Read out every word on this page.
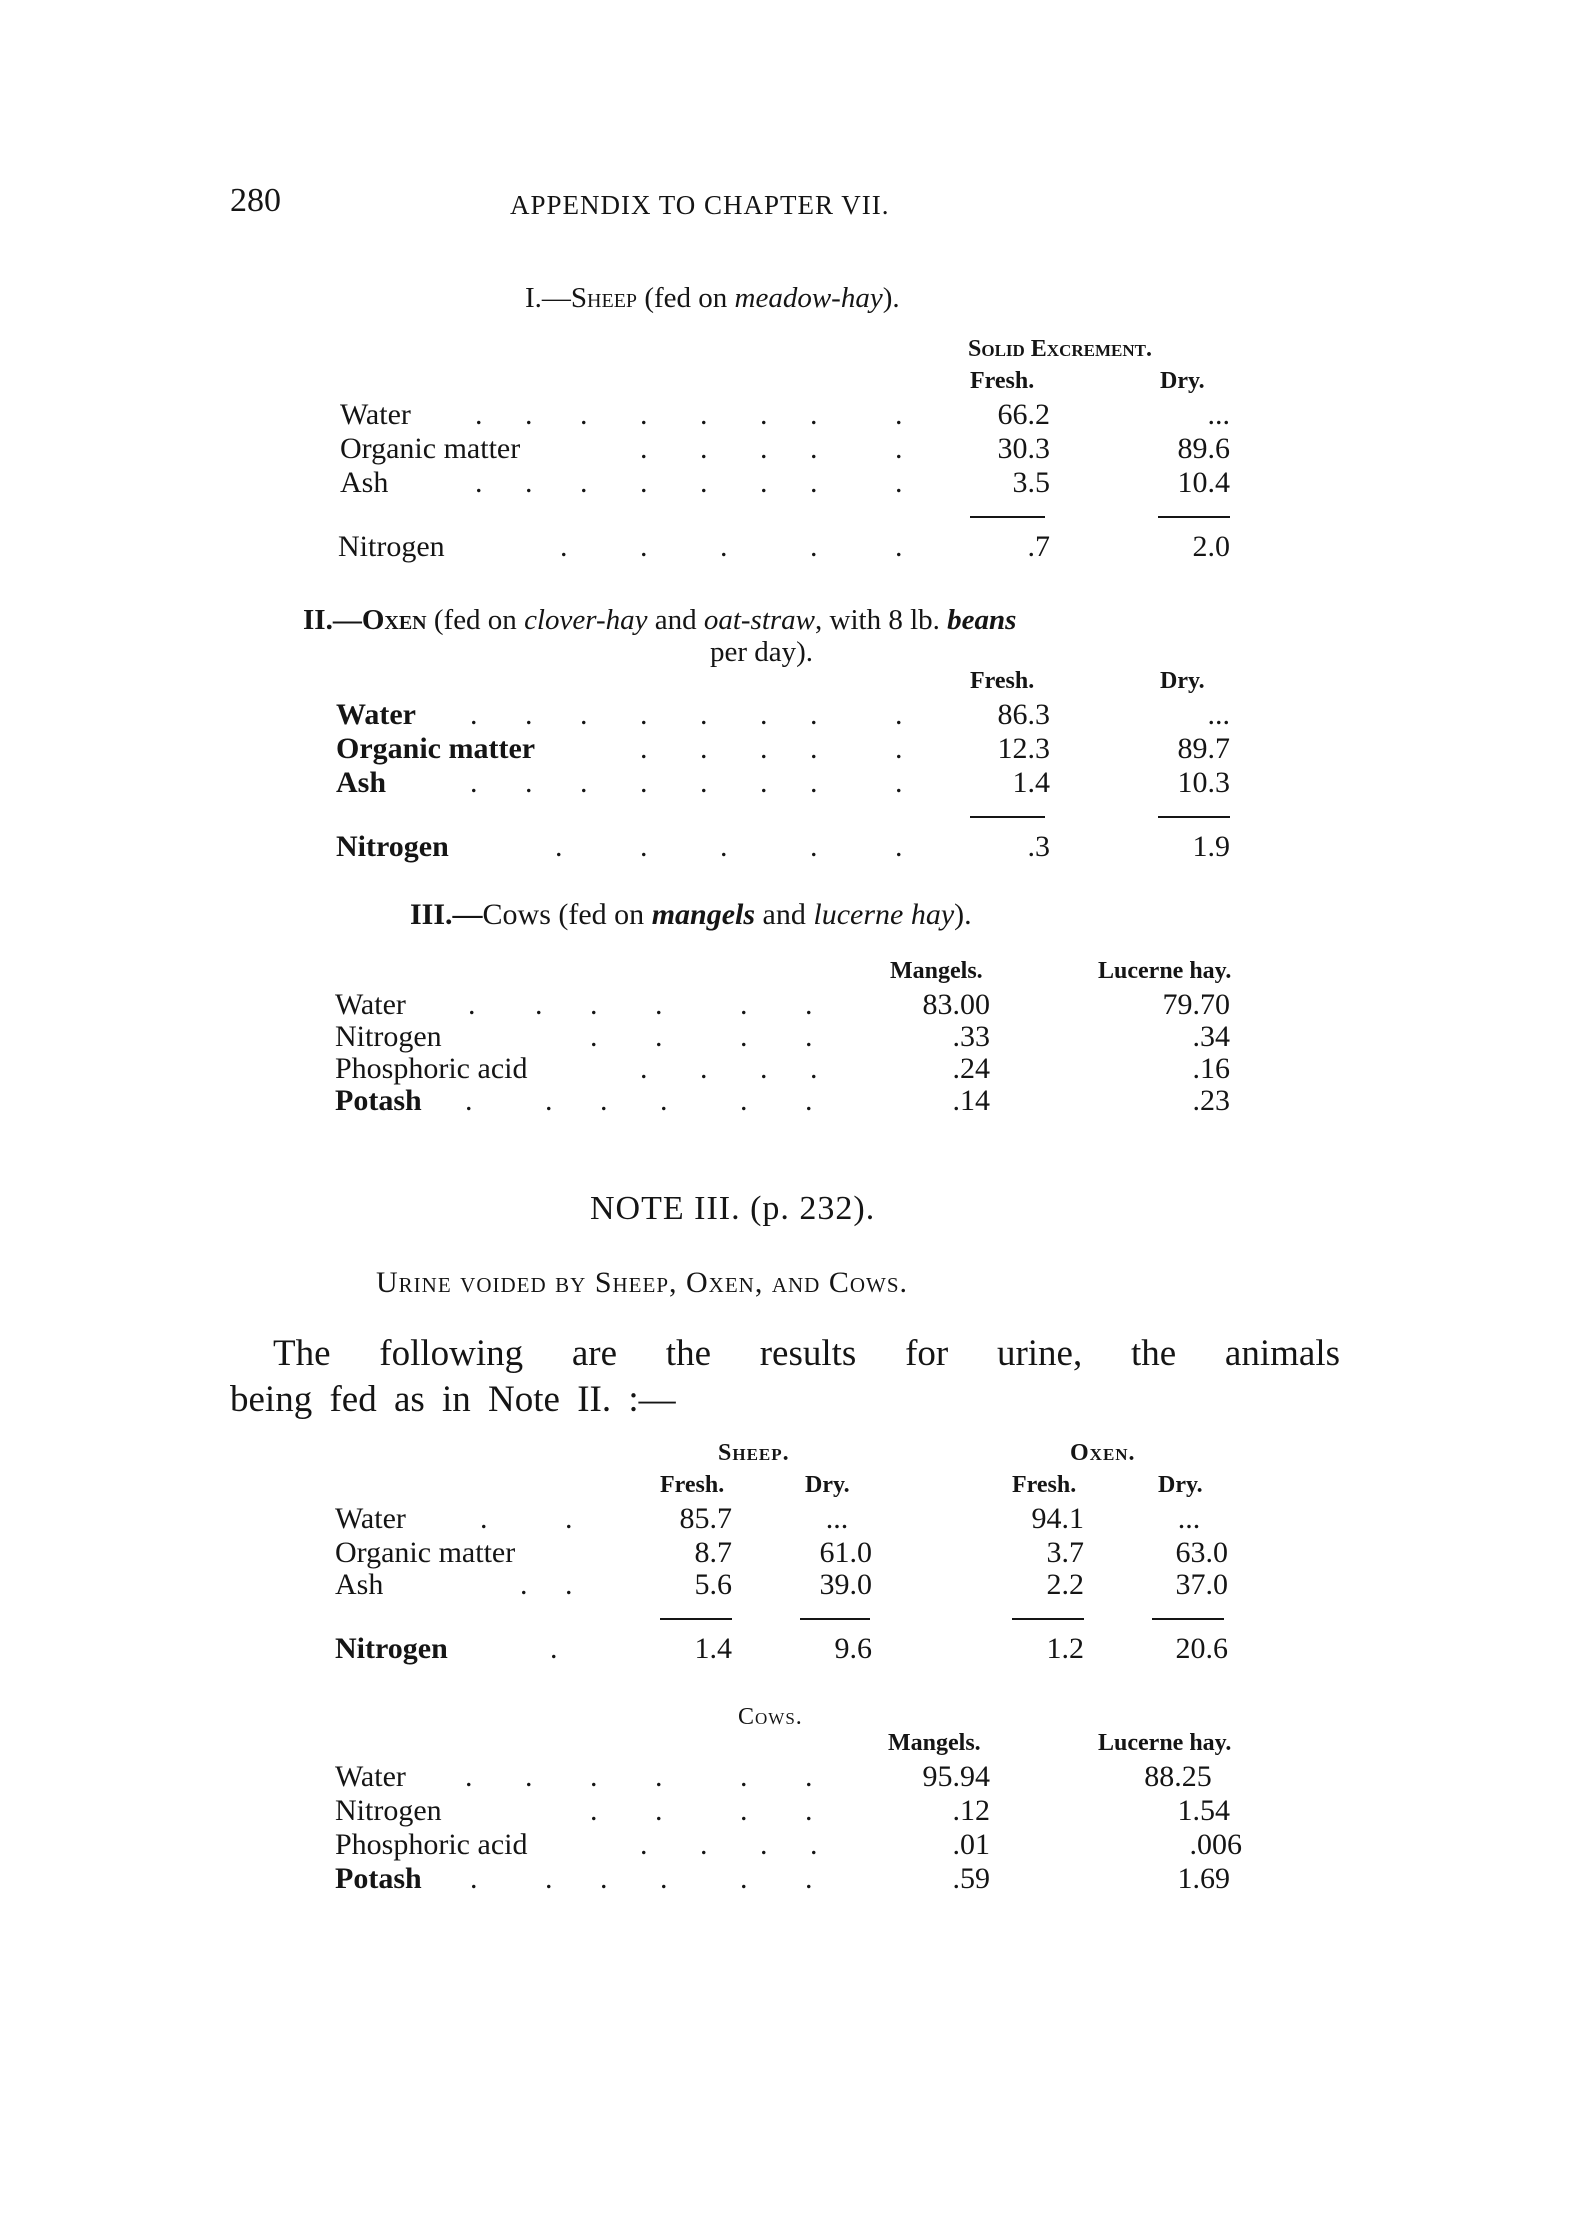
280	APPENDIX TO CHAPTER VII.
I.—Sheep (fed on meadow-hay).
Solid Excrement.
Fresh.	Dry.
Water . . . . . . .	.	66.2	...
Organic matter	. . . .	.	30.3	89.6
Ash	. . . . . . .	.	3.5	10.4
Nitrogen	. . .	.	.	.7	2.0
II.—Oxen (fed on clover-hay and oat-straw, with 8 lb. beans
per day).
Fresh.	Dry.
Water . . . . . . .	.	86.3	...
Organic matter	. . . .	.	12.3	89.7
Ash	. . . . . . .	.	1.4	10.3
Nitrogen	.	. .	.	.	.3	1.9
III.—Cows (fed on mangels and lucerne hay).
Mangels.	Lucerne hay.
Water . . . .	. .	83.00	79.70
Nitrogen	. .	. .	.33	.34
Phosphoric acid	. . . .	.24	.16
Potash . . . . . .	.14	.23
NOTE III. (p. 232).
Urine voided by Sheep, Oxen, and Cows.
The following are the results for urine, the animals
being fed as in Note II. :—
Sheep.	Oxen.
Fresh.	Dry.	Fresh.	Dry.
Water .	.	85.7	...	94.1	...
Organic matter	8.7	61.0	3.7	63.0
Ash	. .	5.6	39.0	2.2	37.0
Nitrogen	.	1.4	9.6	1.2	20.6
Cows.
Mangels.	Lucerne hay.
Water . . . .	. .	95.94	88.25
Nitrogen	. .	. .	.12	1.54
Phosphoric acid	. . . .	.01	.006
Potash . . . . . .	.59	1.69
